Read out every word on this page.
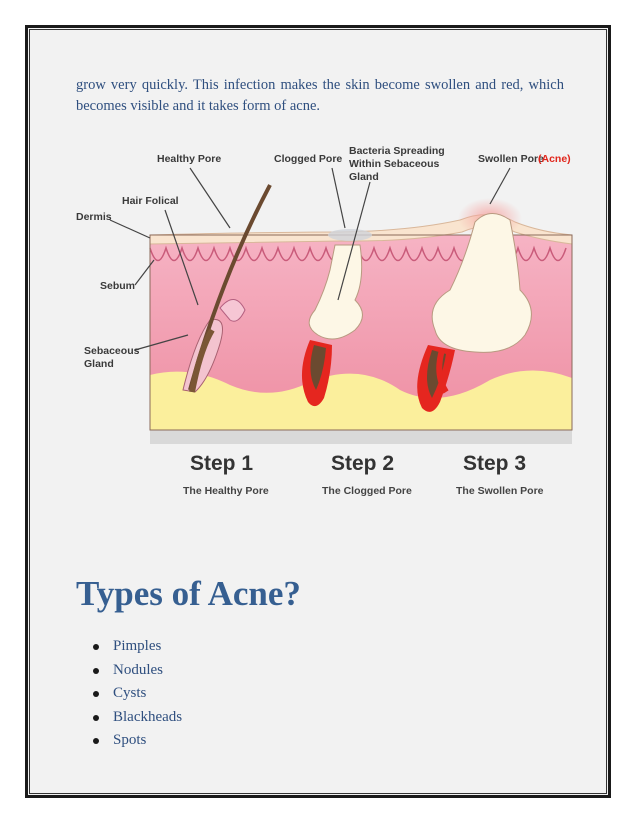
grow very quickly. This infection makes the skin become swollen and red, which becomes visible and it takes form of acne.

Healthy Pore	Clogged Pore
Bacteria Spreading
Within Sebaceous
Gland
Swollen Pore
(Acne)
Hair Folical
Dermis
Sebum
Sebaceous
Gland
Step 1
The Healthy Pore
Step 2
The Clogged Pore
Step 3
The Swollen Pore
Types of Acne?
Pimples
Nodules
Cysts
Blackheads
Spots
